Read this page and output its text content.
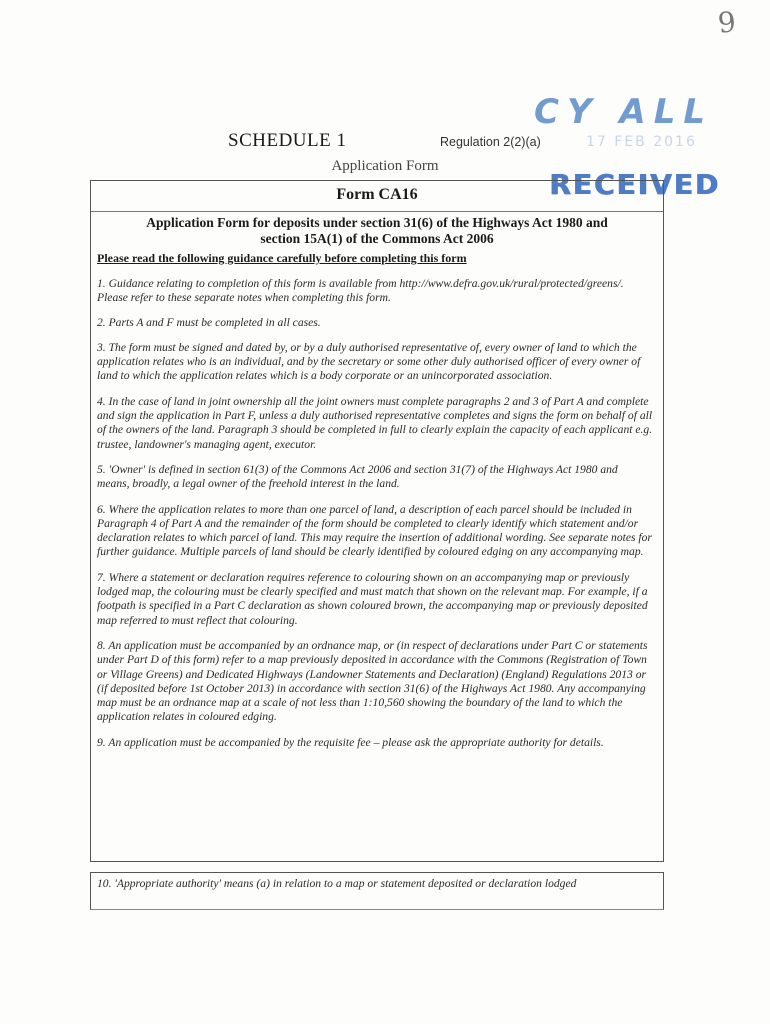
9
CY ALL
17 FEB 2016
RECEIVED
SCHEDULE 1	Regulation 2(2)(a)
Application Form
Form CA16
Application Form for deposits under section 31(6) of the Highways Act 1980 and
section 15A(1) of the Commons Act 2006
Please read the following guidance carefully before completing this form

1. Guidance relating to completion of this form is available from http://www.defra.gov.uk/rural/protected/greens/. Please refer to these separate notes when completing this form.

2. Parts A and F must be completed in all cases.

3. The form must be signed and dated by, or by a duly authorised representative of, every owner of land to which the application relates who is an individual, and by the secretary or some other duly authorised officer of every owner of land to which the application relates which is a body corporate or an unincorporated association.

4. In the case of land in joint ownership all the joint owners must complete paragraphs 2 and 3 of Part A and complete and sign the application in Part F, unless a duly authorised representative completes and signs the form on behalf of all of the owners of the land. Paragraph 3 should be completed in full to clearly explain the capacity of each applicant e.g. trustee, landowner's managing agent, executor.

5. 'Owner' is defined in section 61(3) of the Commons Act 2006 and section 31(7) of the Highways Act 1980 and means, broadly, a legal owner of the freehold interest in the land.

6. Where the application relates to more than one parcel of land, a description of each parcel should be included in Paragraph 4 of Part A and the remainder of the form should be completed to clearly identify which statement and/or declaration relates to which parcel of land. This may require the insertion of additional wording. See separate notes for further guidance. Multiple parcels of land should be clearly identified by coloured edging on any accompanying map.

7. Where a statement or declaration requires reference to colouring shown on an accompanying map or previously lodged map, the colouring must be clearly specified and must match that shown on the relevant map. For example, if a footpath is specified in a Part C declaration as shown coloured brown, the accompanying map or previously deposited map referred to must reflect that colouring.

8. An application must be accompanied by an ordnance map, or (in respect of declarations under Part C or statements under Part D of this form) refer to a map previously deposited in accordance with the Commons (Registration of Town or Village Greens) and Dedicated Highways (Landowner Statements and Declaration) (England) Regulations 2013 or (if deposited before 1st October 2013) in accordance with section 31(6) of the Highways Act 1980. Any accompanying map must be an ordnance map at a scale of not less than 1:10,560 showing the boundary of the land to which the application relates in coloured edging.

9. An application must be accompanied by the requisite fee – please ask the appropriate authority for details.

10. 'Appropriate authority' means (a) in relation to a map or statement deposited or declaration lodged
